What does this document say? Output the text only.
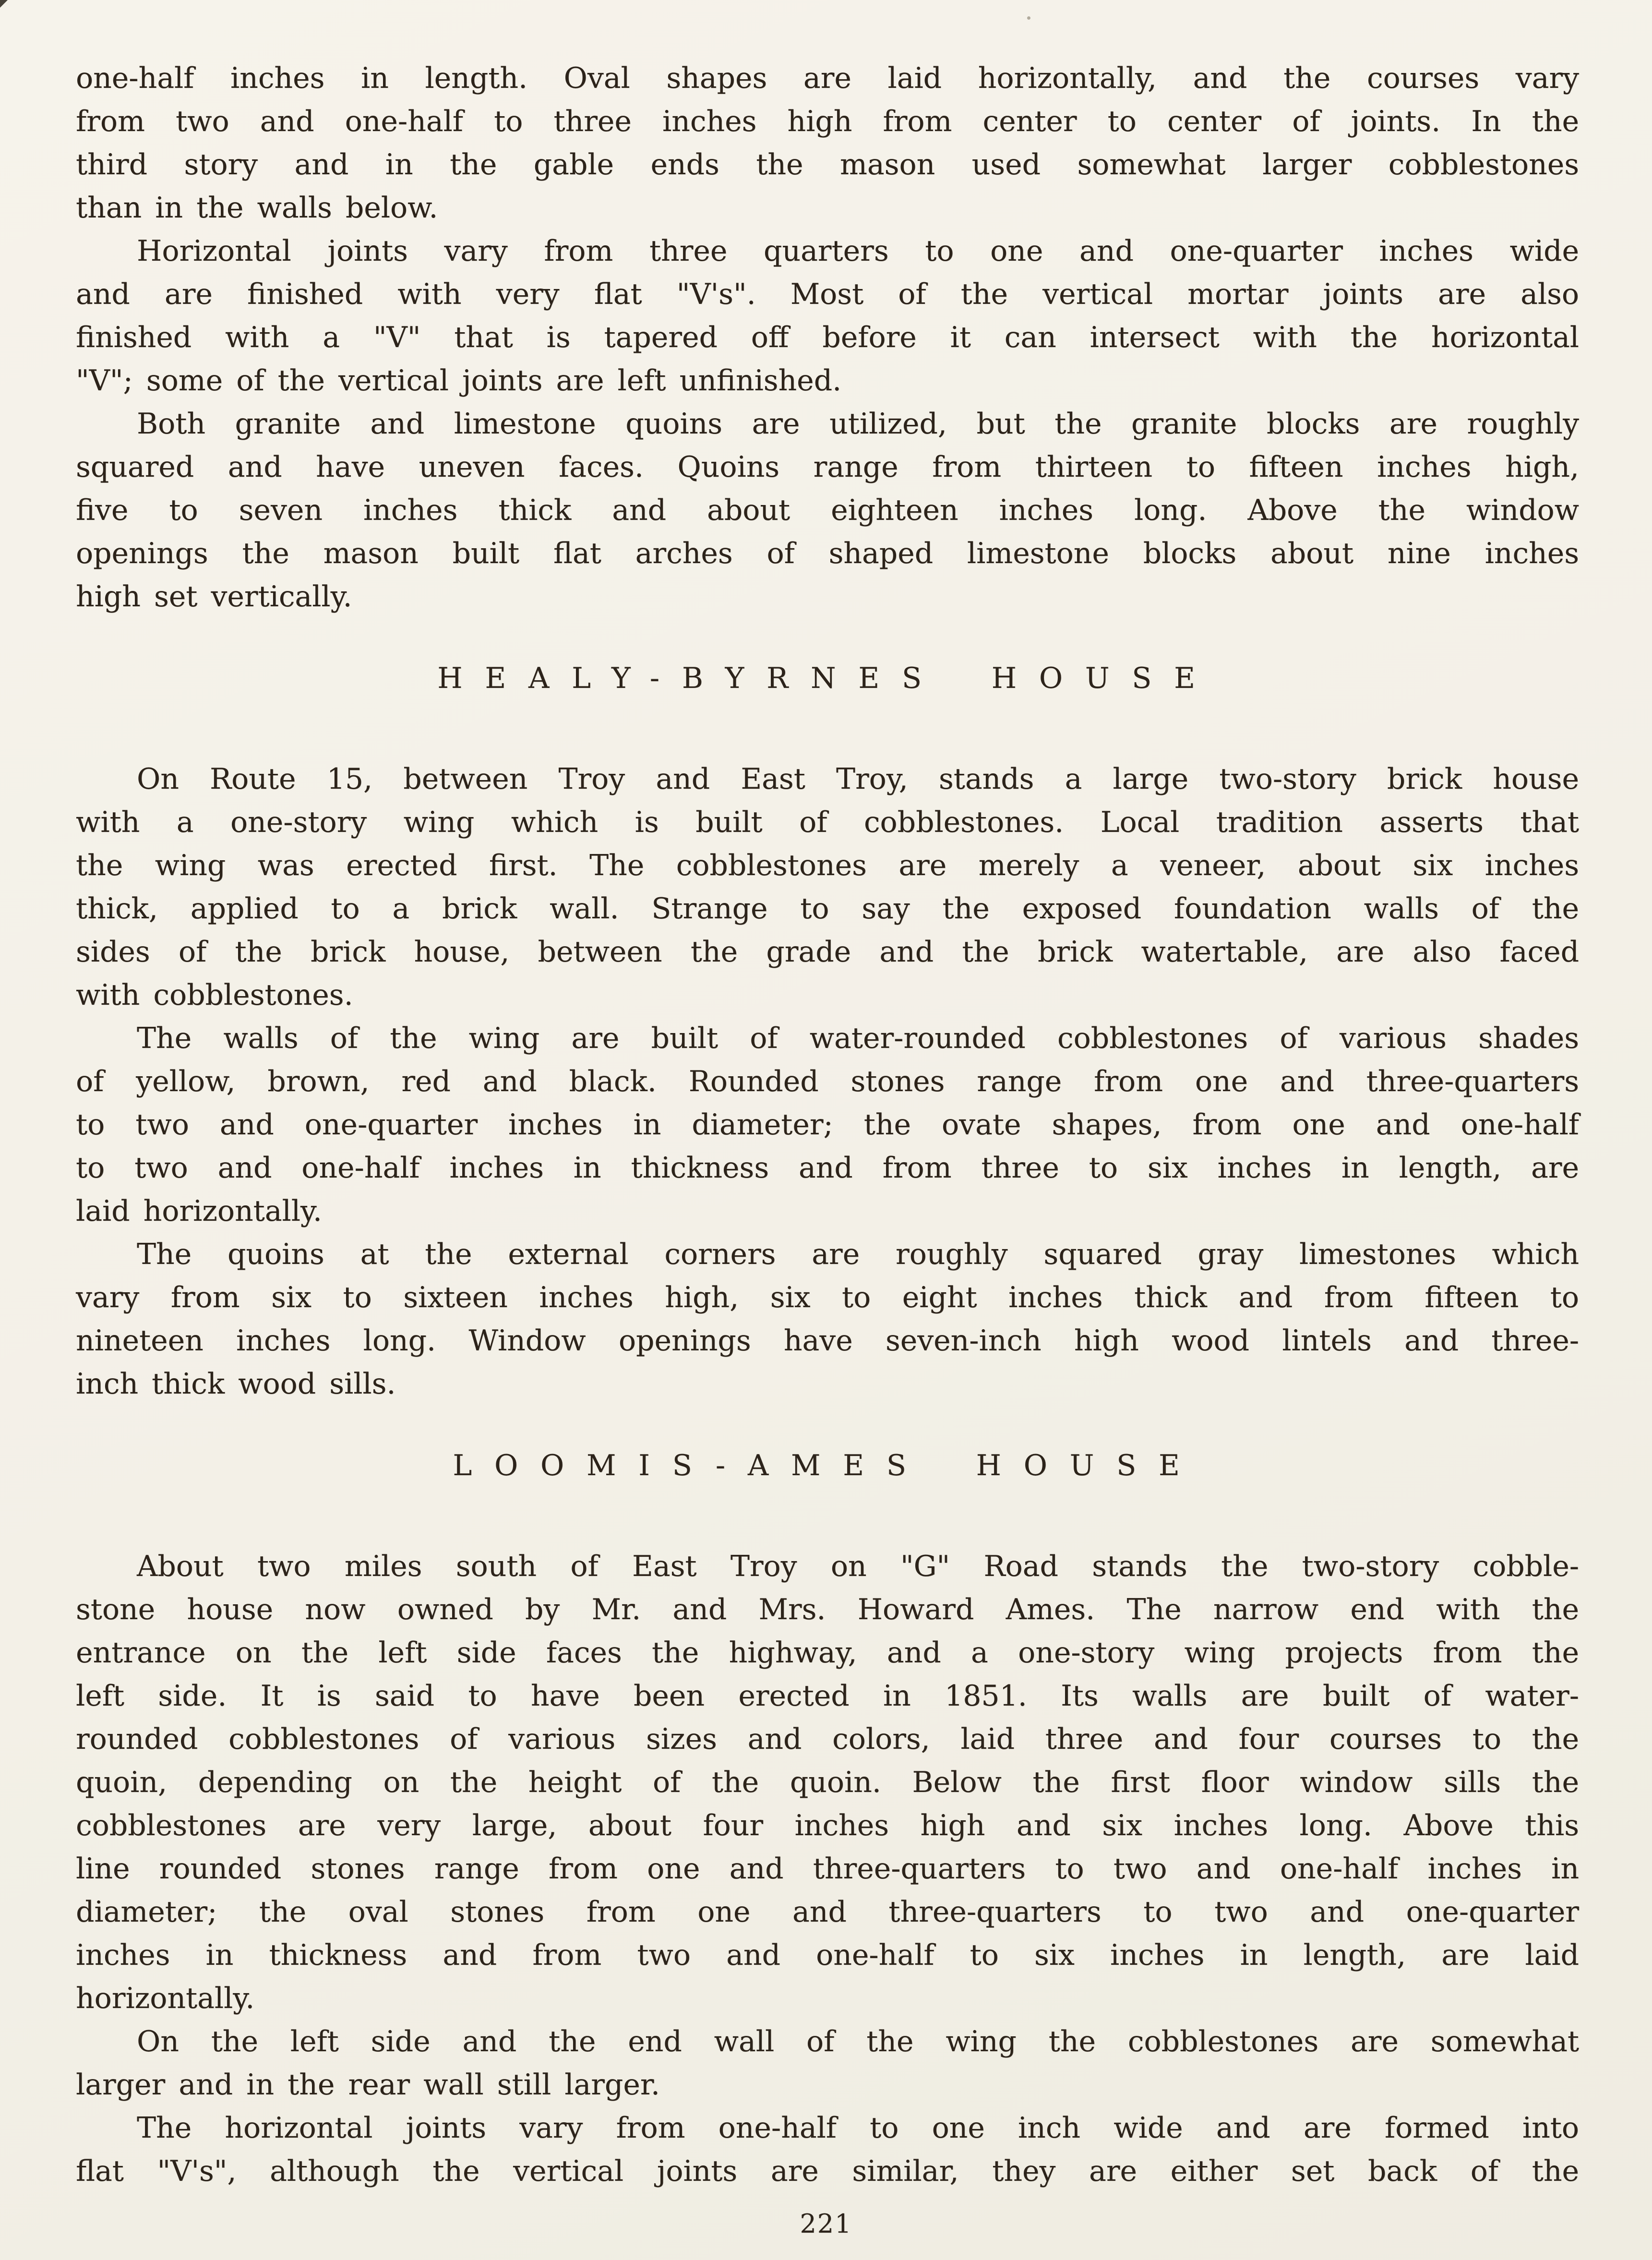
one-half inches in length. Oval shapes are laid horizontally, and the courses vary
from two and one-half to three inches high from center to center of joints. In the
third story and in the gable ends the mason used somewhat larger cobblestones
than in the walls below.
Horizontal joints vary from three quarters to one and one-quarter inches wide
and are finished with very flat "V's". Most of the vertical mortar joints are also
finished with a "V" that is tapered off before it can intersect with the horizontal
"V"; some of the vertical joints are left unfinished.
Both granite and limestone quoins are utilized, but the granite blocks are roughly
squared and have uneven faces. Quoins range from thirteen to fifteen inches high,
five to seven inches thick and about eighteen inches long. Above the window
openings the mason built flat arches of shaped limestone blocks about nine inches
high set vertically.
HEALY-BYRNES HOUSE
On Route 15, between Troy and East Troy, stands a large two-story brick house
with a one-story wing which is built of cobblestones. Local tradition asserts that
the wing was erected first. The cobblestones are merely a veneer, about six inches
thick, applied to a brick wall. Strange to say the exposed foundation walls of the
sides of the brick house, between the grade and the brick watertable, are also faced
with cobblestones.
The walls of the wing are built of water-rounded cobblestones of various shades
of yellow, brown, red and black. Rounded stones range from one and three-quarters
to two and one-quarter inches in diameter; the ovate shapes, from one and one-half
to two and one-half inches in thickness and from three to six inches in length, are
laid horizontally.
The quoins at the external corners are roughly squared gray limestones which
vary from six to sixteen inches high, six to eight inches thick and from fifteen to
nineteen inches long. Window openings have seven-inch high wood lintels and three-
inch thick wood sills.
LOOMIS-AMES HOUSE
About two miles south of East Troy on "G" Road stands the two-story cobble-
stone house now owned by Mr. and Mrs. Howard Ames. The narrow end with the
entrance on the left side faces the highway, and a one-story wing projects from the
left side. It is said to have been erected in 1851. Its walls are built of water-
rounded cobblestones of various sizes and colors, laid three and four courses to the
quoin, depending on the height of the quoin. Below the first floor window sills the
cobblestones are very large, about four inches high and six inches long. Above this
line rounded stones range from one and three-quarters to two and one-half inches in
diameter; the oval stones from one and three-quarters to two and one-quarter
inches in thickness and from two and one-half to six inches in length, are laid
horizontally.
On the left side and the end wall of the wing the cobblestones are somewhat
larger and in the rear wall still larger.
The horizontal joints vary from one-half to one inch wide and are formed into
flat "V's", although the vertical joints are similar, they are either set back of the
221
